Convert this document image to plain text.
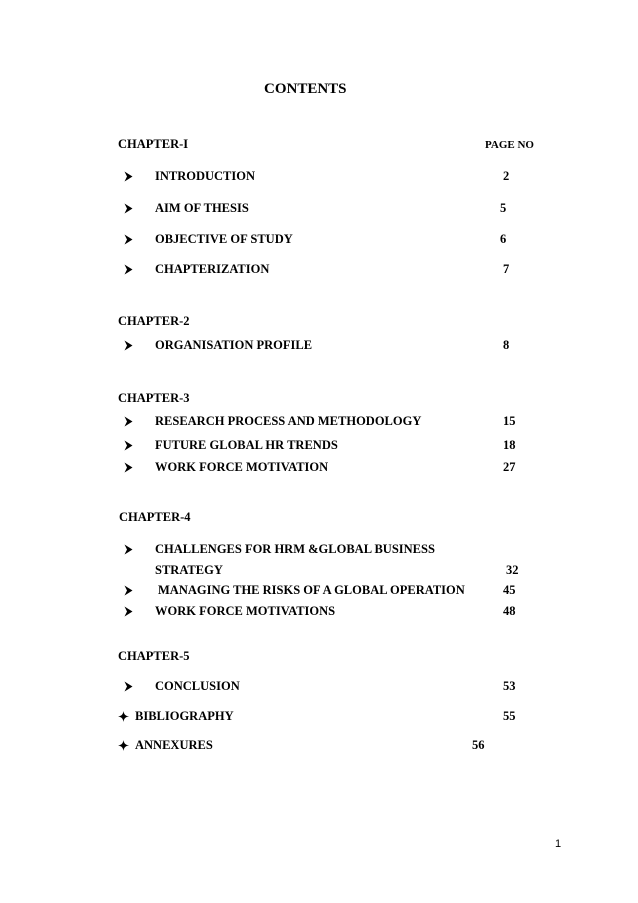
CONTENTS
CHAPTER-I	PAGE NO
INTRODUCTION	2
AIM OF THESIS	5
OBJECTIVE OF STUDY	6
CHAPTERIZATION	7
CHAPTER-2
ORGANISATION PROFILE	8
CHAPTER-3
RESEARCH PROCESS AND METHODOLOGY	15
FUTURE GLOBAL HR TRENDS	18
WORK FORCE MOTIVATION	27
CHAPTER-4
CHALLENGES FOR HRM &GLOBAL BUSINESS
STRATEGY	32
MANAGING THE RISKS OF A GLOBAL OPERATION	45
WORK FORCE MOTIVATIONS	48
CHAPTER-5
CONCLUSION	53
BIBLIOGRAPHY	55
ANNEXURES	56
1
